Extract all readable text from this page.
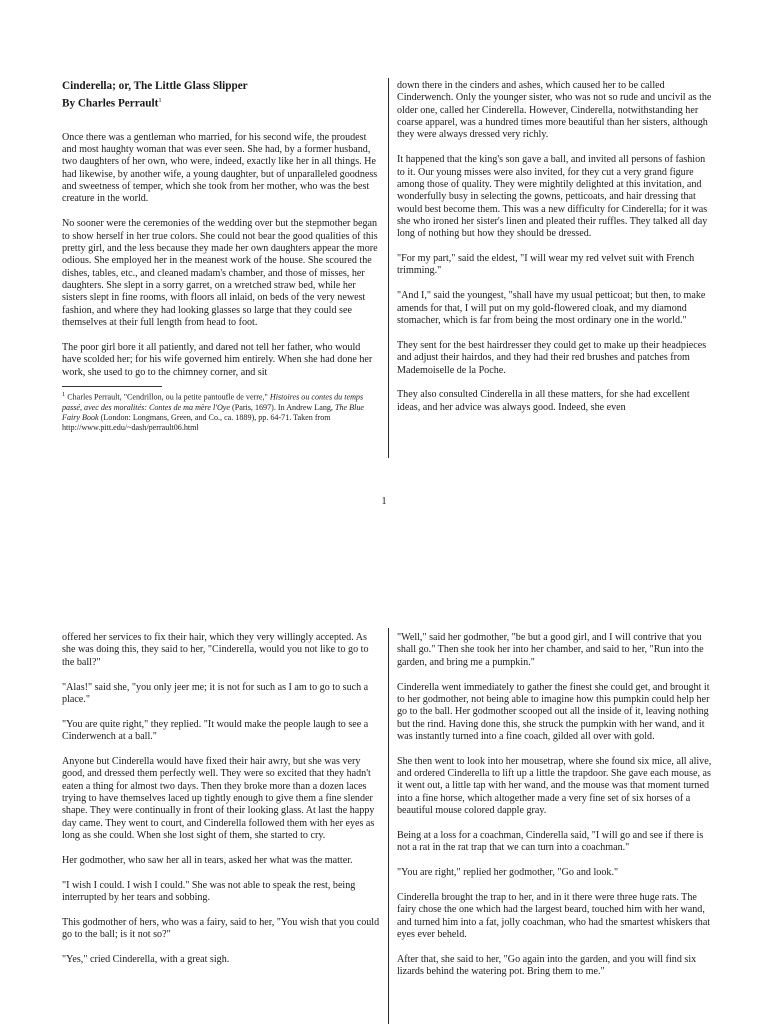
Cinderella; or, The Little Glass Slipper
By Charles Perrault$^1$

Once there was a gentleman who married, for his second wife, the proudest and most haughty woman that was ever seen. She had, by a former husband, two daughters of her own, who were, indeed, exactly like her in all things. He had likewise, by another wife, a young daughter, but of unparalleled goodness and sweetness of temper, which she took from her mother, who was the best creature in the world.

No sooner were the ceremonies of the wedding over but the stepmother began to show herself in her true colors. She could not bear the good qualities of this pretty girl, and the less because they made her own daughters appear the more odious. She employed her in the meanest work of the house. She scoured the dishes, tables, etc., and cleaned madam's chamber, and those of misses, her daughters. She slept in a sorry garret, on a wretched straw bed, while her sisters slept in fine rooms, with floors all inlaid, on beds of the very newest fashion, and where they had looking glasses so large that they could see themselves at their full length from head to foot.

The poor girl bore it all patiently, and dared not tell her father, who would have scolded her; for his wife governed him entirely. When she had done her work, she used to go to the chimney corner, and sit

$^1$ Charles Perrault, "Cendrillon, ou la petite pantoufle de verre," Histoires ou contes du temps passé, avec des moralités: Contes de ma mère l'Oye (Paris, 1697). In Andrew Lang, The Blue Fairy Book (London: Longmans, Green, and Co., ca. 1889), pp. 64-71. Taken from http://www.pitt.edu/~dash/perrault06.html

down there in the cinders and ashes, which caused her to be called Cinderwench. Only the younger sister, who was not so rude and uncivil as the older one, called her Cinderella. However, Cinderella, notwithstanding her coarse apparel, was a hundred times more beautiful than her sisters, although they were always dressed very richly.

It happened that the king's son gave a ball, and invited all persons of fashion to it. Our young misses were also invited, for they cut a very grand figure among those of quality. They were mightily delighted at this invitation, and wonderfully busy in selecting the gowns, petticoats, and hair dressing that would best become them. This was a new difficulty for Cinderella; for it was she who ironed her sister's linen and pleated their ruffles. They talked all day long of nothing but how they should be dressed.

"For my part," said the eldest, "I will wear my red velvet suit with French trimming."

"And I," said the youngest, "shall have my usual petticoat; but then, to make amends for that, I will put on my gold-flowered cloak, and my diamond stomacher, which is far from being the most ordinary one in the world."

They sent for the best hairdresser they could get to make up their headpieces and adjust their hairdos, and they had their red brushes and patches from Mademoiselle de la Poche.

They also consulted Cinderella in all these matters, for she had excellent ideas, and her advice was always good. Indeed, she even

1

offered her services to fix their hair, which they very willingly accepted. As she was doing this, they said to her, "Cinderella, would you not like to go to the ball?"

"Alas!" said she, "you only jeer me; it is not for such as I am to go to such a place."

"You are quite right," they replied. "It would make the people laugh to see a Cinderwench at a ball."

Anyone but Cinderella would have fixed their hair awry, but she was very good, and dressed them perfectly well. They were so excited that they hadn't eaten a thing for almost two days. Then they broke more than a dozen laces trying to have themselves laced up tightly enough to give them a fine slender shape. They were continually in front of their looking glass. At last the happy day came. They went to court, and Cinderella followed them with her eyes as long as she could. When she lost sight of them, she started to cry.

Her godmother, who saw her all in tears, asked her what was the matter.

"I wish I could. I wish I could." She was not able to speak the rest, being interrupted by her tears and sobbing.

This godmother of hers, who was a fairy, said to her, "You wish that you could go to the ball; is it not so?"

"Yes," cried Cinderella, with a great sigh.

"Well," said her godmother, "be but a good girl, and I will contrive that you shall go." Then she took her into her chamber, and said to her, "Run into the garden, and bring me a pumpkin."

Cinderella went immediately to gather the finest she could get, and brought it to her godmother, not being able to imagine how this pumpkin could help her go to the ball. Her godmother scooped out all the inside of it, leaving nothing but the rind. Having done this, she struck the pumpkin with her wand, and it was instantly turned into a fine coach, gilded all over with gold.

She then went to look into her mousetrap, where she found six mice, all alive, and ordered Cinderella to lift up a little the trapdoor. She gave each mouse, as it went out, a little tap with her wand, and the mouse was that moment turned into a fine horse, which altogether made a very fine set of six horses of a beautiful mouse colored dapple gray.

Being at a loss for a coachman, Cinderella said, "I will go and see if there is not a rat in the rat trap that we can turn into a coachman."

"You are right," replied her godmother, "Go and look."

Cinderella brought the trap to her, and in it there were three huge rats. The fairy chose the one which had the largest beard, touched him with her wand, and turned him into a fat, jolly coachman, who had the smartest whiskers that eyes ever beheld.

After that, she said to her, "Go again into the garden, and you will find six lizards behind the watering pot. Bring them to me."
